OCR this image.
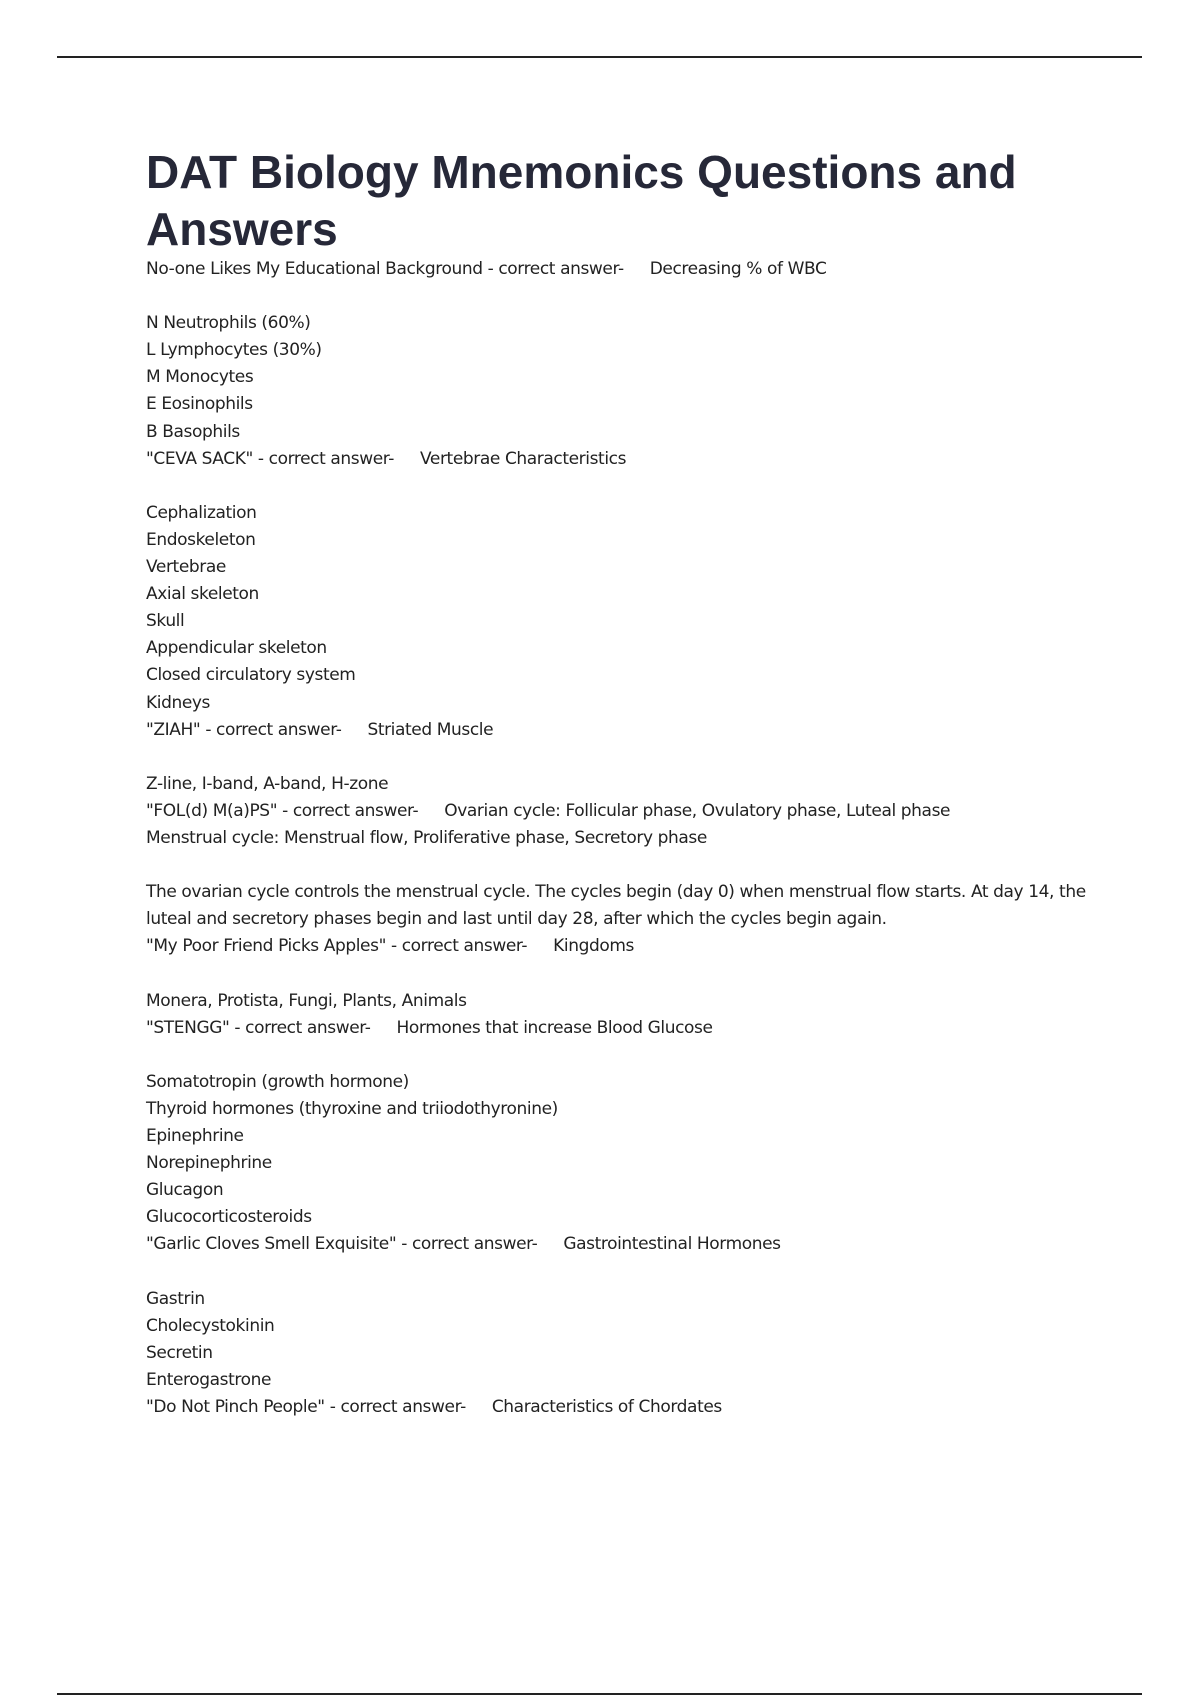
DAT Biology Mnemonics Questions and Answers
No-one Likes My Educational Background - correct answer- Decreasing % of WBC
N Neutrophils (60%)
L Lymphocytes (30%)
M Monocytes
E Eosinophils
B Basophils
"CEVA SACK" - correct answer- Vertebrae Characteristics
Cephalization
Endoskeleton
Vertebrae
Axial skeleton
Skull
Appendicular skeleton
Closed circulatory system
Kidneys
"ZIAH" - correct answer- Striated Muscle
Z-line, I-band, A-band, H-zone
"FOL(d) M(a)PS" - correct answer- Ovarian cycle: Follicular phase, Ovulatory phase, Luteal phase
Menstrual cycle: Menstrual flow, Proliferative phase, Secretory phase
The ovarian cycle controls the menstrual cycle. The cycles begin (day 0) when menstrual flow starts. At day 14, the luteal and secretory phases begin and last until day 28, after which the cycles begin again.
"My Poor Friend Picks Apples" - correct answer- Kingdoms
Monera, Protista, Fungi, Plants, Animals
"STENGG" - correct answer- Hormones that increase Blood Glucose
Somatotropin (growth hormone)
Thyroid hormones (thyroxine and triiodothyronine)
Epinephrine
Norepinephrine
Glucagon
Glucocorticosteroids
"Garlic Cloves Smell Exquisite" - correct answer- Gastrointestinal Hormones
Gastrin
Cholecystokinin
Secretin
Enterogastrone
"Do Not Pinch People" - correct answer- Characteristics of Chordates
